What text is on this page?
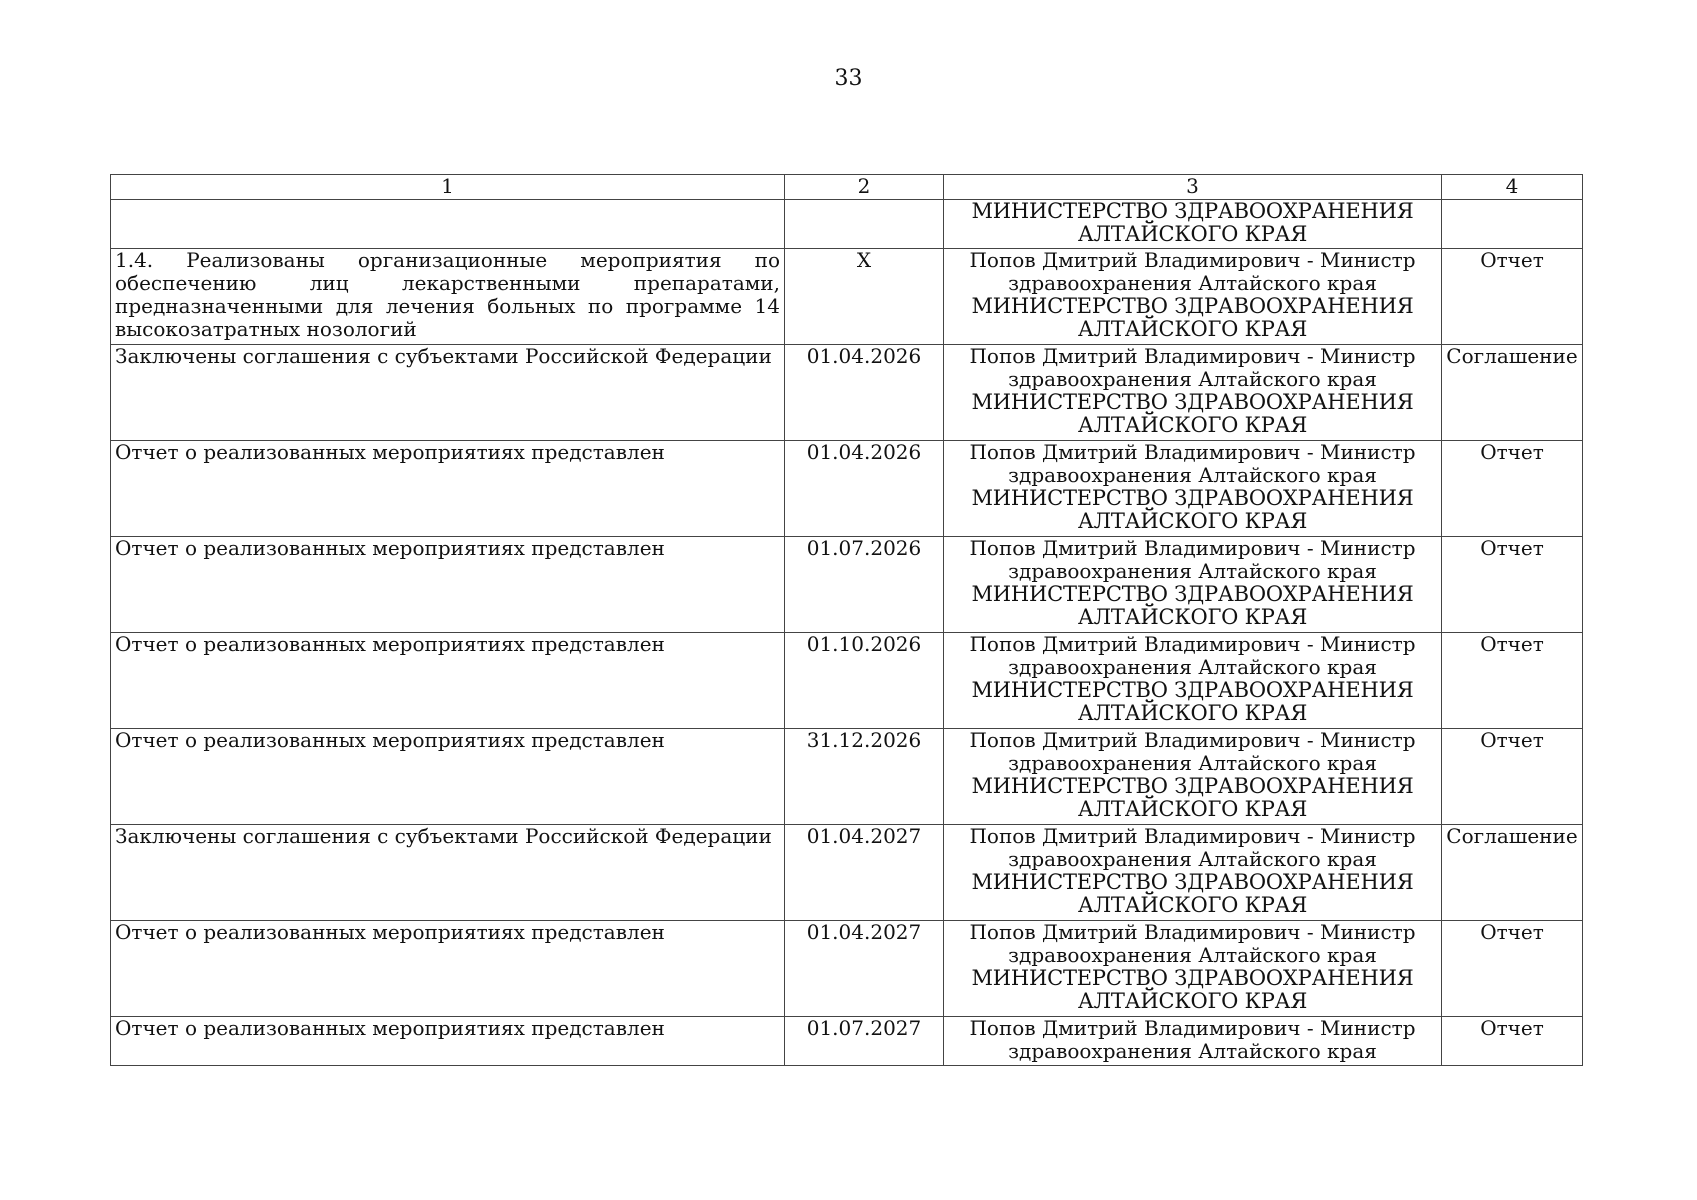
33
1	2	3	4

		МИНИСТЕРСТВО ЗДРАВООХРАНЕНИЯ
АЛТАЙСКОГО КРАЯ	

1.4. Реализованы организационные мероприятия по обеспечению лиц лекарственными препаратами, предназначенными для лечения больных по программе 14 высокозатратных нозологий	X	Попов Дмитрий Владимирович - Министр
здравоохранения Алтайского края
МИНИСТЕРСТВО ЗДРАВООХРАНЕНИЯ
АЛТАЙСКОГО КРАЯ	Отчет
Заключены соглашения с субъектами Российской Федерации	01.04.2026	Попов Дмитрий Владимирович - Министр
здравоохранения Алтайского края
МИНИСТЕРСТВО ЗДРАВООХРАНЕНИЯ
АЛТАЙСКОГО КРАЯ	Соглашение
Отчет о реализованных мероприятиях представлен	01.04.2026	Попов Дмитрий Владимирович - Министр
здравоохранения Алтайского края
МИНИСТЕРСТВО ЗДРАВООХРАНЕНИЯ
АЛТАЙСКОГО КРАЯ	Отчет
Отчет о реализованных мероприятиях представлен	01.07.2026	Попов Дмитрий Владимирович - Министр
здравоохранения Алтайского края
МИНИСТЕРСТВО ЗДРАВООХРАНЕНИЯ
АЛТАЙСКОГО КРАЯ	Отчет
Отчет о реализованных мероприятиях представлен	01.10.2026	Попов Дмитрий Владимирович - Министр
здравоохранения Алтайского края
МИНИСТЕРСТВО ЗДРАВООХРАНЕНИЯ
АЛТАЙСКОГО КРАЯ	Отчет
Отчет о реализованных мероприятиях представлен	31.12.2026	Попов Дмитрий Владимирович - Министр
здравоохранения Алтайского края
МИНИСТЕРСТВО ЗДРАВООХРАНЕНИЯ
АЛТАЙСКОГО КРАЯ	Отчет
Заключены соглашения с субъектами Российской Федерации	01.04.2027	Попов Дмитрий Владимирович - Министр
здравоохранения Алтайского края
МИНИСТЕРСТВО ЗДРАВООХРАНЕНИЯ
АЛТАЙСКОГО КРАЯ	Соглашение
Отчет о реализованных мероприятиях представлен	01.04.2027	Попов Дмитрий Владимирович - Министр
здравоохранения Алтайского края
МИНИСТЕРСТВО ЗДРАВООХРАНЕНИЯ
АЛТАЙСКОГО КРАЯ	Отчет
Отчет о реализованных мероприятиях представлен	01.07.2027	Попов Дмитрий Владимирович - Министр
здравоохранения Алтайского края	Отчет
